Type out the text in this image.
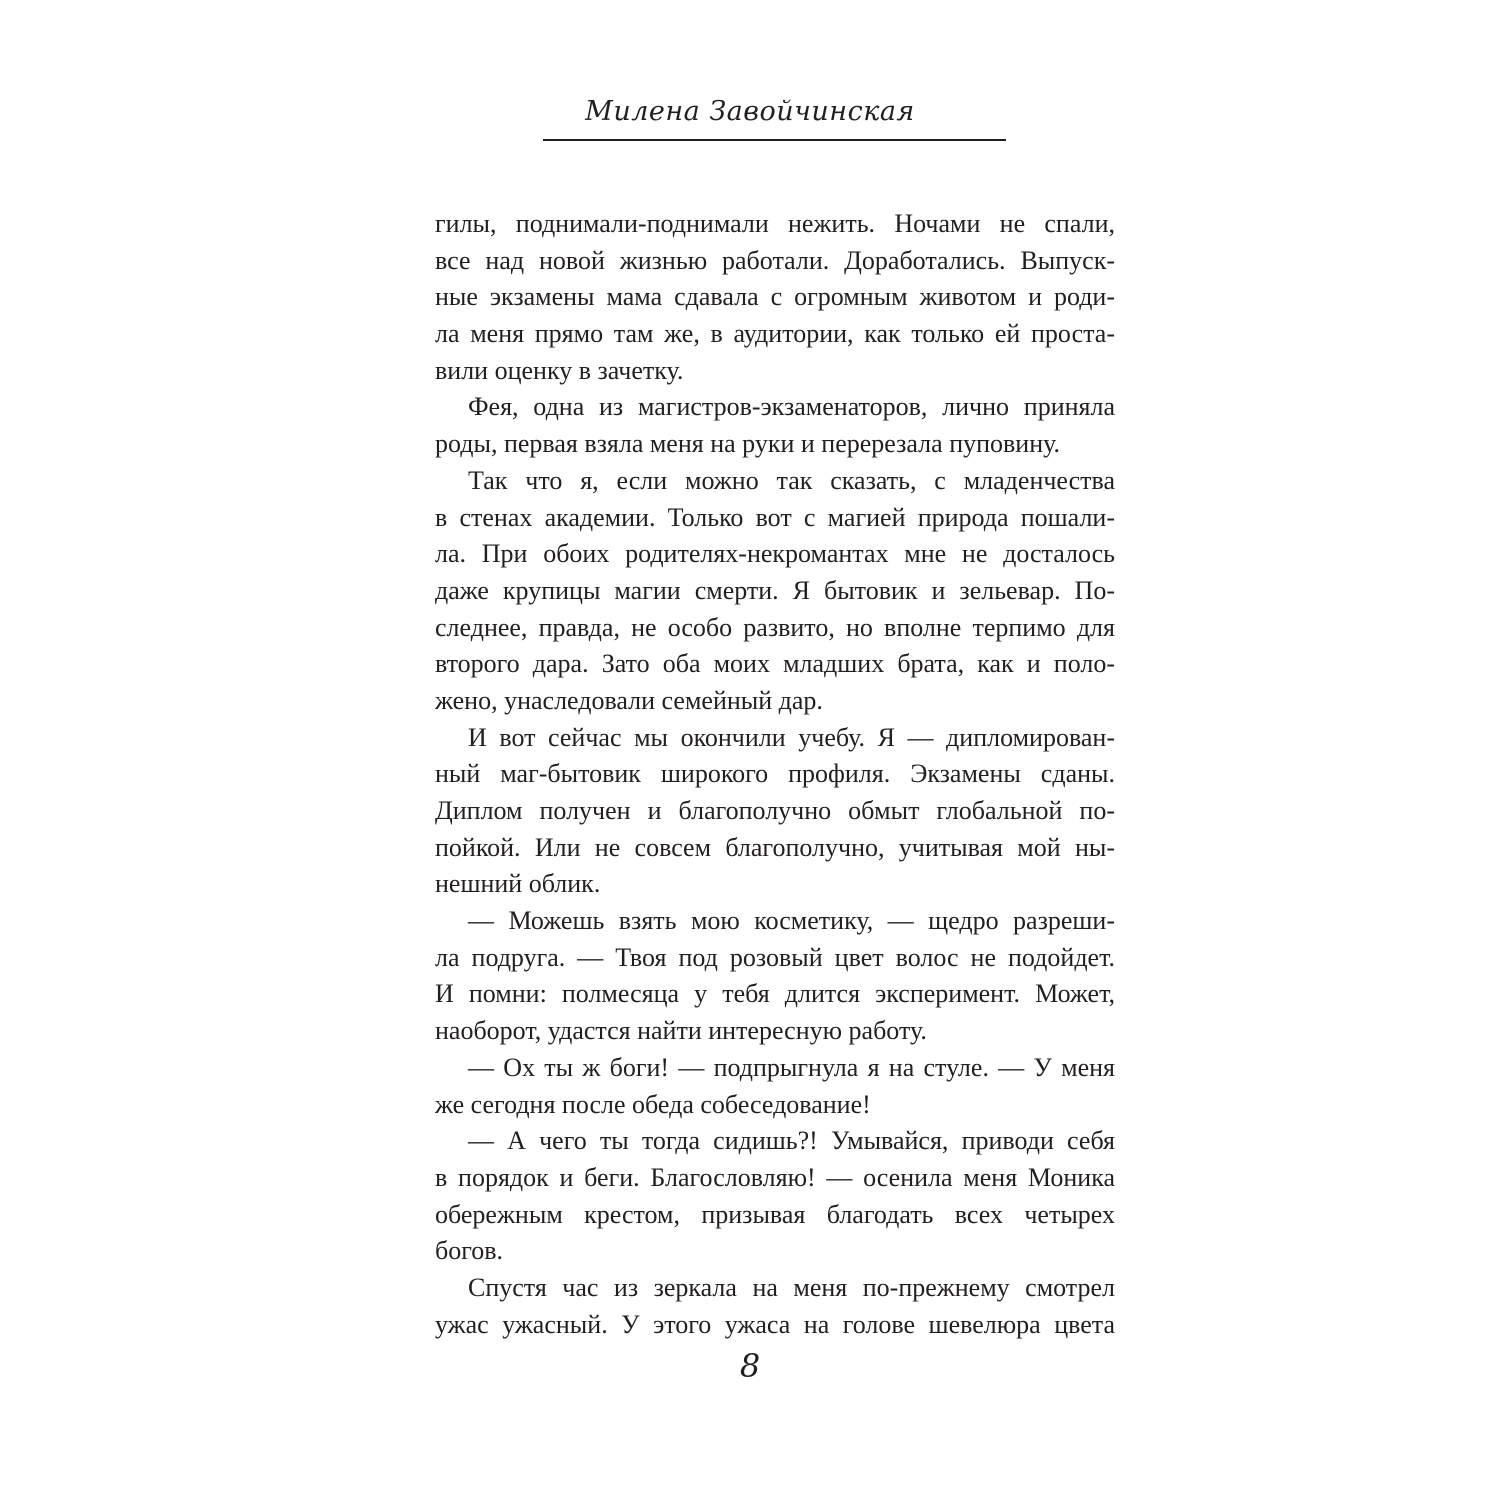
Милена Завойчинская
гилы, поднимали-поднимали нежить. Ночами не спали,
все над новой жизнью работали. Доработались. Выпуск-
ные экзамены мама сдавала с огромным животом и роди-
ла меня прямо там же, в аудитории, как только ей проста-
вили оценку в зачетку.
Фея, одна из магистров-экзаменаторов, лично приняла
роды, первая взяла меня на руки и перерезала пуповину.
Так что я, если можно так сказать, с младенчества
в стенах академии. Только вот с магией природа пошали-
ла. При обоих родителях-некромантах мне не досталось
даже крупицы магии смерти. Я бытовик и зельевар. По-
следнее, правда, не особо развито, но вполне терпимо для
второго дара. Зато оба моих младших брата, как и поло-
жено, унаследовали семейный дар.
И вот сейчас мы окончили учебу. Я — дипломирован-
ный маг-бытовик широкого профиля. Экзамены сданы.
Диплом получен и благополучно обмыт глобальной по-
пойкой. Или не совсем благополучно, учитывая мой ны-
нешний облик.
— Можешь взять мою косметику, — щедро разреши-
ла подруга. — Твоя под розовый цвет волос не подойдет.
И помни: полмесяца у тебя длится эксперимент. Может,
наоборот, удастся найти интересную работу.
— Ох ты ж боги! — подпрыгнула я на стуле. — У меня
же сегодня после обеда собеседование!
— А чего ты тогда сидишь?! Умывайся, приводи себя
в порядок и беги. Благословляю! — осенила меня Моника
обережным крестом, призывая благодать всех четырех
богов.
Спустя час из зеркала на меня по-прежнему смотрел
ужас ужасный. У этого ужаса на голове шевелюра цвета
8
